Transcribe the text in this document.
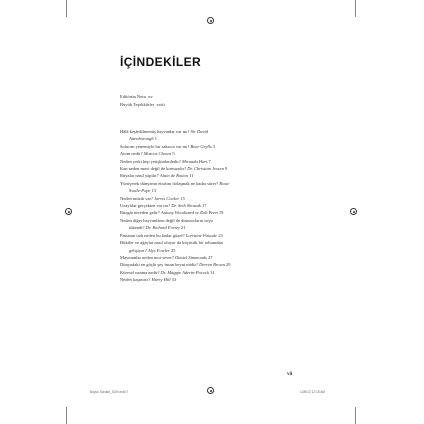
İÇİNDEKİLER
Editörün Notu xv
Büyük Teşekkürler xviii
Hâlâ keşfedilmemiş hayvanlar var mı? Sir David
Attenborough 1
Solucan yenemiyle bir saksıca var mı? Bear Grylls 3
Atom nedir? Marcus Chown 5
Neden yetki hep yetişkinlerdedir? Miranda Hart 7
Kan neden mavi değil de kırmızıdır? Dr. Christian Jessen 9
Rüyalar nasıl yapılır? Alain de Botton 11
Yürüyerek dünyanın etrafını dolaşmak ne kadar sürer? Rosie
Swale-Pope 13
Neden müzik var? Jarvis Cocker 15
Uzaylılar gerçekten var mı? Dr. Seth Shostak 17
Rüzgâr nereden gelir? Antony Woodward ve Rob Penn 19
Neden diğer hayvanların değil de dinozorların soyu
tükendi? Dr. Richard Fortey 21
Pastanın tadı neden bu kadar güzel? Lorraine Pascale 23
Bitkiler ve ağaçlar nasıl oluyor da küçücük bir tohumdan
gelişiyor? Alys Fowler 25
Maymunlar neden mor sever? Daniel Simmonds 27
Dünyadaki en güçlü şey insan beyni midir? Derren Brown 29
Küresel ısınma nedir? Dr. Maggie Aderin-Pocock 31
Neden kaşınırız? Harry Hill 33
vii
Buyuk Sorular_SON.indd 7	12/8/12 12:18 AM
